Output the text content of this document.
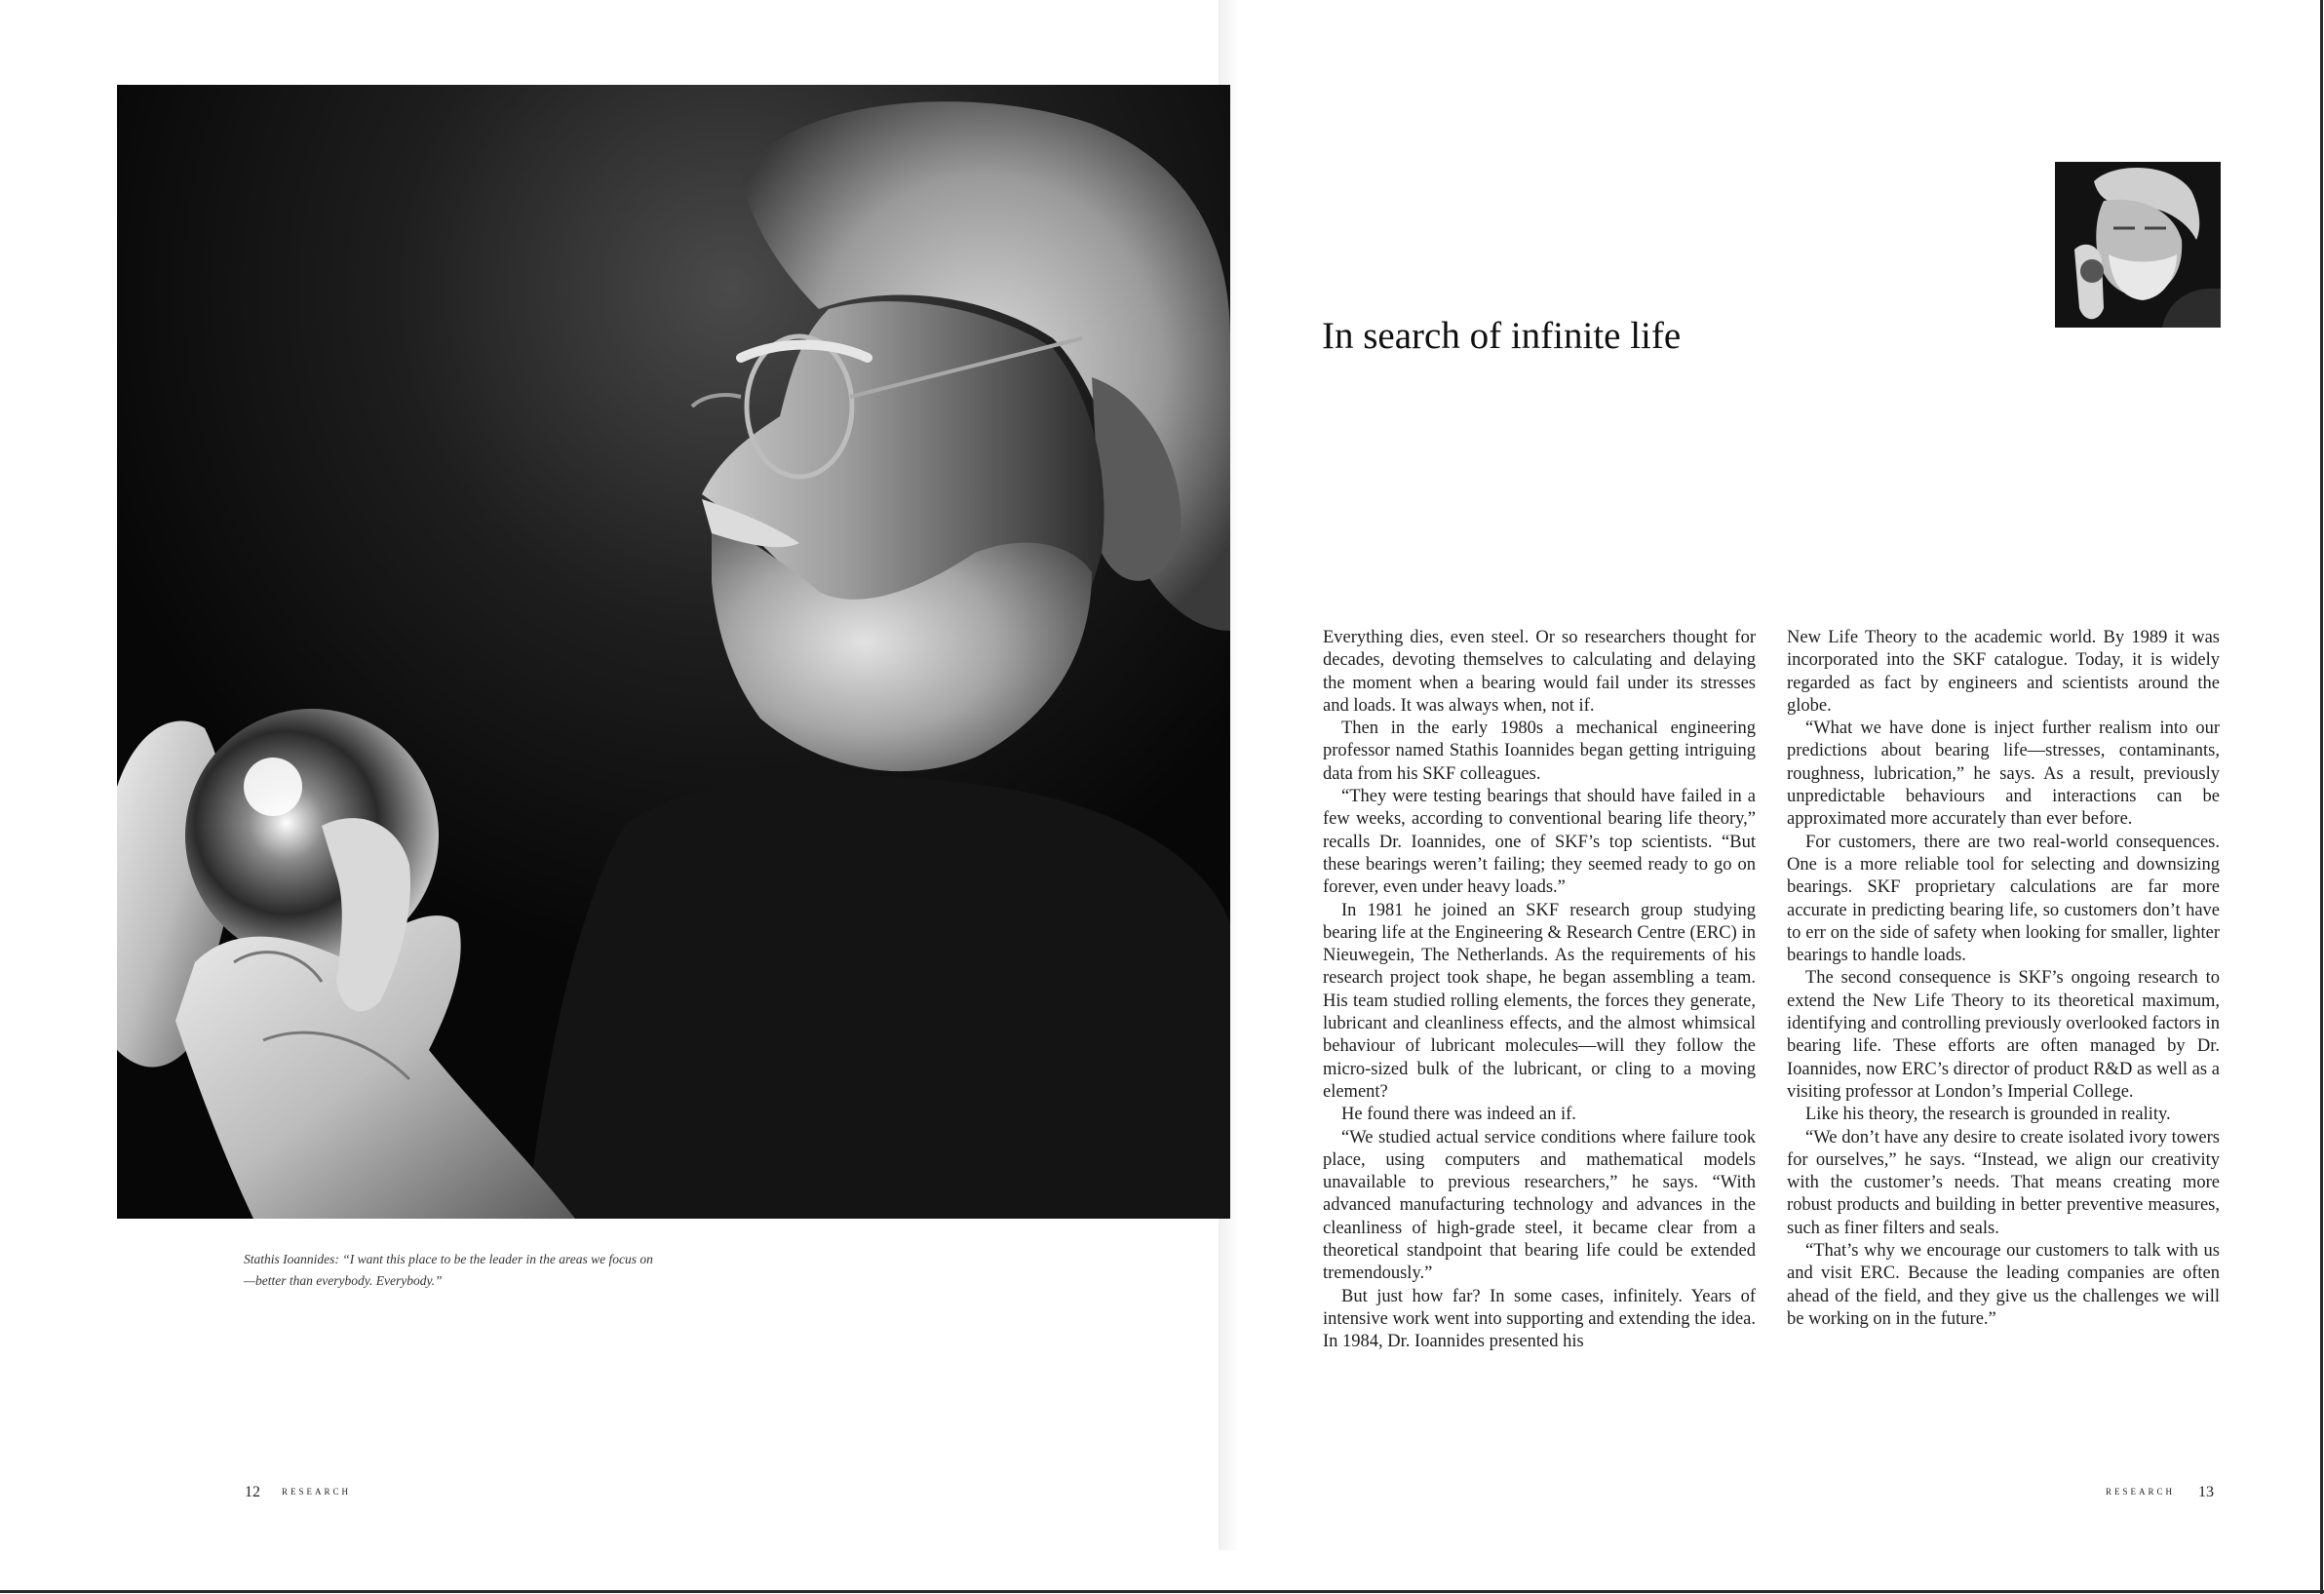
Stathis Ioannides: “I want this place to be the leader in the areas we focus on—better than everybody. Everybody.”
12 RESEARCH
In search of infinite life

Everything dies, even steel. Or so researchers thought for decades, devoting themselves to calculating and delaying the moment when a bearing would fail under its stresses and loads. It was always when, not if.

Then in the early 1980s a mechanical engineering professor named Stathis Ioannides began getting intriguing data from his SKF colleagues.

“They were testing bearings that should have failed in a few weeks, according to conventional bearing life theory,” recalls Dr. Ioannides, one of SKF’s top scientists. “But these bearings weren’t failing; they seemed ready to go on forever, even under heavy loads.”

In 1981 he joined an SKF research group studying bearing life at the Engineering & Research Centre (ERC) in Nieuwegein, The Netherlands. As the requirements of his research project took shape, he began assembling a team. His team studied rolling elements, the forces they generate, lubricant and cleanliness effects, and the almost whimsical behaviour of lubricant molecules—will they follow the micro-sized bulk of the lubricant, or cling to a moving element?

He found there was indeed an if.

“We studied actual service conditions where failure took place, using computers and mathematical models unavailable to previous researchers,” he says. “With advanced manufacturing technology and advances in the cleanliness of high-grade steel, it became clear from a theoretical standpoint that bearing life could be extended tremendously.”

But just how far? In some cases, infinitely. Years of intensive work went into supporting and extending the idea. In 1984, Dr. Ioannides presented his

New Life Theory to the academic world. By 1989 it was incorporated into the SKF catalogue. Today, it is widely regarded as fact by engineers and scientists around the globe.

“What we have done is inject further realism into our predictions about bearing life—stresses, contaminants, roughness, lubrication,” he says. As a result, previously unpredictable behaviours and interactions can be approximated more accurately than ever before.

For customers, there are two real-world consequences. One is a more reliable tool for selecting and downsizing bearings. SKF proprietary calculations are far more accurate in predicting bearing life, so customers don’t have to err on the side of safety when looking for smaller, lighter bearings to handle loads.

The second consequence is SKF’s ongoing research to extend the New Life Theory to its theoretical maximum, identifying and controlling previously overlooked factors in bearing life. These efforts are often managed by Dr. Ioannides, now ERC’s director of product R&D as well as a visiting professor at London’s Imperial College.

Like his theory, the research is grounded in reality.

“We don’t have any desire to create isolated ivory towers for ourselves,” he says. “Instead, we align our creativity with the customer’s needs. That means creating more robust products and building in better preventive measures, such as finer filters and seals.

“That’s why we encourage our customers to talk with us and visit ERC. Because the leading companies are often ahead of the field, and they give us the challenges we will be working on in the future.”

RESEARCH 13
